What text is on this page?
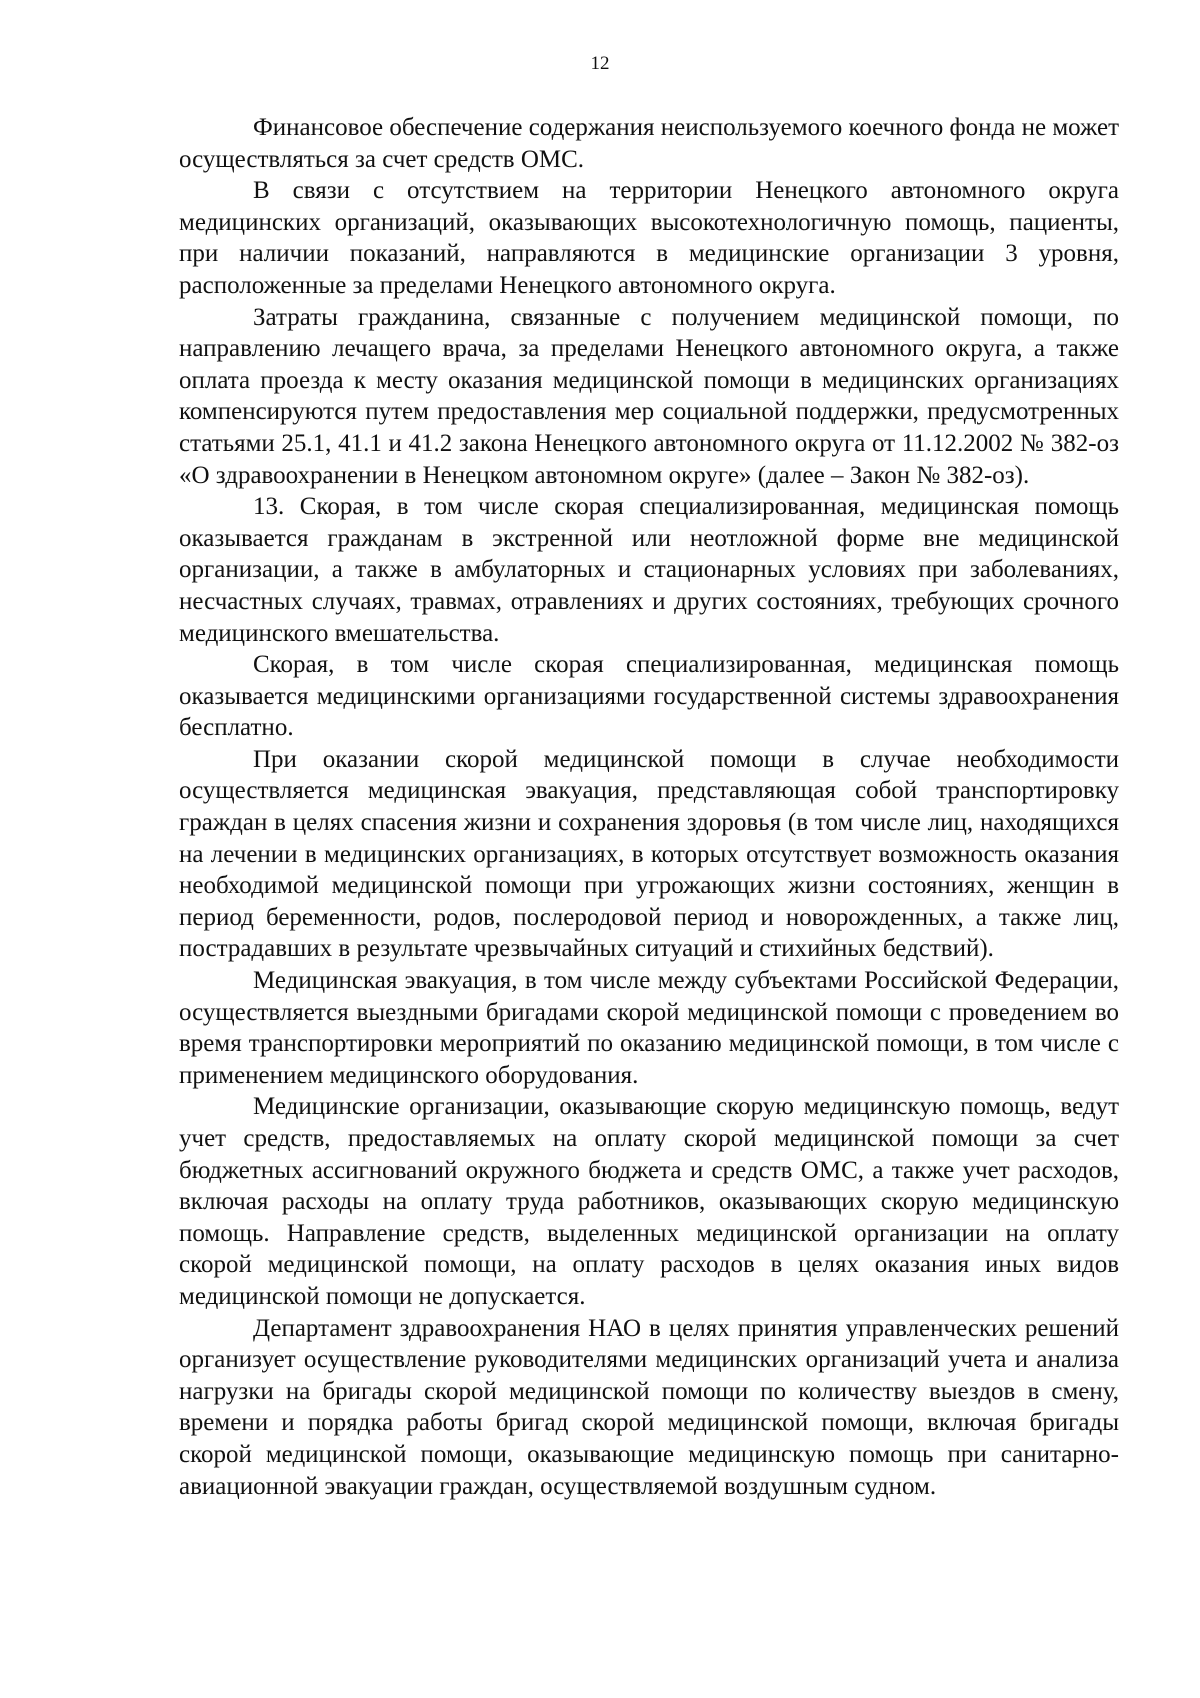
12

Финансовое обеспечение содержания неиспользуемого коечного фонда не может осуществляться за счет средств ОМС.

В связи с отсутствием на территории Ненецкого автономного округа медицинских организаций, оказывающих высокотехнологичную помощь, пациенты, при наличии показаний, направляются в медицинские организации 3 уровня, расположенные за пределами Ненецкого автономного округа.

Затраты гражданина, связанные с получением медицинской помощи, по направлению лечащего врача, за пределами Ненецкого автономного округа, а также оплата проезда к месту оказания медицинской помощи в медицинских организациях компенсируются путем предоставления мер социальной поддержки, предусмотренных статьями 25.1, 41.1 и 41.2 закона Ненецкого автономного округа от 11.12.2002 № 382-оз «О здравоохранении в Ненецком автономном округе» (далее – Закон № 382-оз).

13. Скорая, в том числе скорая специализированная, медицинская помощь оказывается гражданам в экстренной или неотложной форме вне медицинской организации, а также в амбулаторных и стационарных условиях при заболеваниях, несчастных случаях, травмах, отравлениях и других состояниях, требующих срочного медицинского вмешательства.

Скорая, в том числе скорая специализированная, медицинская помощь оказывается медицинскими организациями государственной системы здравоохранения бесплатно.

При оказании скорой медицинской помощи в случае необходимости осуществляется медицинская эвакуация, представляющая собой транспортировку граждан в целях спасения жизни и сохранения здоровья (в том числе лиц, находящихся на лечении в медицинских организациях, в которых отсутствует возможность оказания необходимой медицинской помощи при угрожающих жизни состояниях, женщин в период беременности, родов, послеродовой период и новорожденных, а также лиц, пострадавших в результате чрезвычайных ситуаций и стихийных бедствий).

Медицинская эвакуация, в том числе между субъектами Российской Федерации, осуществляется выездными бригадами скорой медицинской помощи с проведением во время транспортировки мероприятий по оказанию медицинской помощи, в том числе с применением медицинского оборудования.

Медицинские организации, оказывающие скорую медицинскую помощь, ведут учет средств, предоставляемых на оплату скорой медицинской помощи за счет бюджетных ассигнований окружного бюджета и средств ОМС, а также учет расходов, включая расходы на оплату труда работников, оказывающих скорую медицинскую помощь. Направление средств, выделенных медицинской организации на оплату скорой медицинской помощи, на оплату расходов в целях оказания иных видов медицинской помощи не допускается.

Департамент здравоохранения НАО в целях принятия управленческих решений организует осуществление руководителями медицинских организаций учета и анализа нагрузки на бригады скорой медицинской помощи по количеству выездов в смену, времени и порядка работы бригад скорой медицинской помощи, включая бригады скорой медицинской помощи, оказывающие медицинскую помощь при санитарно-авиационной эвакуации граждан, осуществляемой воздушным судном.
